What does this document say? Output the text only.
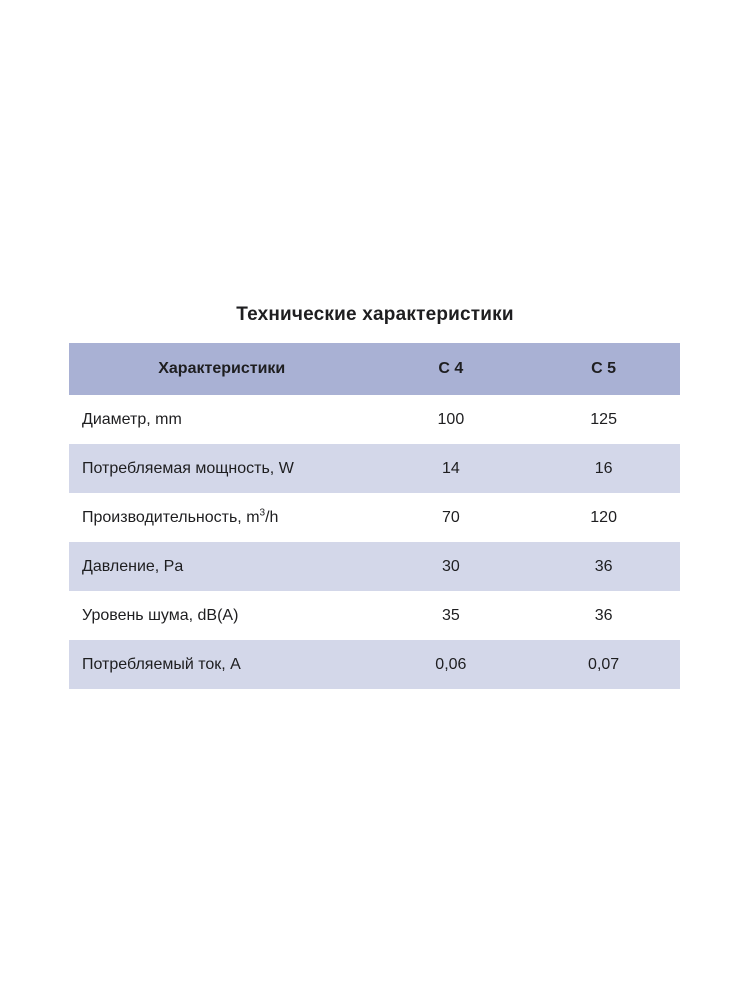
Технические характеристики
Характеристики	C 4	C 5
Диаметр, mm	100	125
Потребляемая мощность, W	14	16
Производительность, $m^3/h$	70	120
Давление, Pa	30	36
Уровень шума, dB(A)	35	36
Потребляемый ток, А	0,06	0,07
